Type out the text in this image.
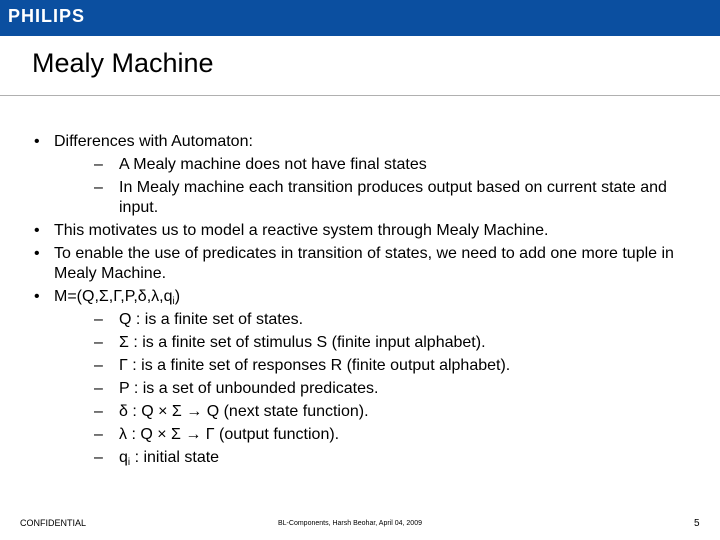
PHILIPS
Mealy Machine
• Differences with Automaton:
– A Mealy machine does not have final states
– In Mealy machine each transition produces output based on current state and input.
• This motivates us to model a reactive system through Mealy Machine.
• To enable the use of predicates in transition of states, we need to add one more tuple in Mealy Machine.
• $M=(Q,\Sigma,\Gamma,P,\delta,\lambda,q_i)$
– Q : is a finite set of states.
– Σ : is a finite set of stimulus S (finite input alphabet).
– Γ : is a finite set of responses R (finite output alphabet).
– P : is a set of unbounded predicates.
– δ : Q × Σ → Q (next state function).
– λ : Q × Σ → Γ (output function).
– $q_i$ : initial state
CONFIDENTIAL	BL-Components, Harsh Beohar, April 04, 2009	5
